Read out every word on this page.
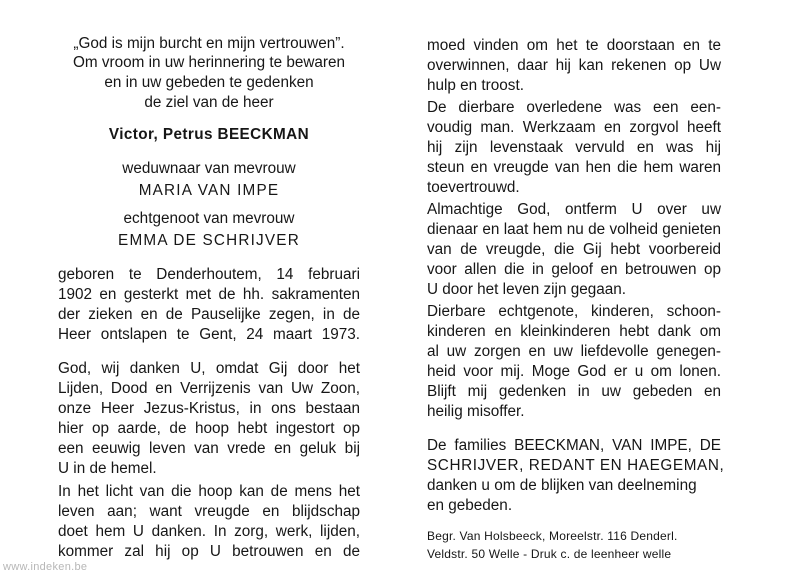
„God is mijn burcht en mijn vertrouwen”.
Om vroom in uw herinnering te bewaren
en in uw gebeden te gedenken
de ziel van de heer
Victor, Petrus BEECKMAN
weduwnaar van mevrouw
MARIA VAN IMPE
echtgenoot van mevrouw
EMMA DE SCHRIJVER
geboren te Denderhoutem, 14 februari
1902 en gesterkt met de hh. sakramenten
der zieken en de Pauselijke zegen, in de
Heer ontslapen te Gent, 24 maart 1973.
God, wij danken U, omdat Gij door het
Lijden, Dood en Verrijzenis van Uw Zoon,
onze Heer Jezus-Kristus, in ons bestaan
hier op aarde, de hoop hebt ingestort op
een eeuwig leven van vrede en geluk bij
U in de hemel.
In het licht van die hoop kan de mens het
leven aan; want vreugde en blijdschap
doet hem U danken. In zorg, werk, lijden,
kommer zal hij op U betrouwen en de
moed vinden om het te doorstaan en te
overwinnen, daar hij kan rekenen op Uw
hulp en troost.
De dierbare overledene was een een-
voudig man. Werkzaam en zorgvol heeft
hij zijn levenstaak vervuld en was hij
steun en vreugde van hen die hem waren
toevertrouwd.
Almachtige God, ontferm U over uw
dienaar en laat hem nu de volheid genieten
van de vreugde, die Gij hebt voorbereid
voor allen die in geloof en betrouwen op
U door het leven zijn gegaan.
Dierbare echtgenote, kinderen, schoon-
kinderen en kleinkinderen hebt dank om
al uw zorgen en uw liefdevolle genegen-
heid voor mij. Moge God er u om lonen.
Blijft mij gedenken in uw gebeden en
heilig misoffer.
De families BEECKMAN, VAN IMPE, DE
SCHRIJVER, REDANT EN HAEGEMAN,
danken u om de blijken van deelneming
en gebeden.
Begr. Van Holsbeeck, Moreelstr. 116 Denderl.
Veldstr. 50 Welle - Druk c. de leenheer welle
www.indeken.be
